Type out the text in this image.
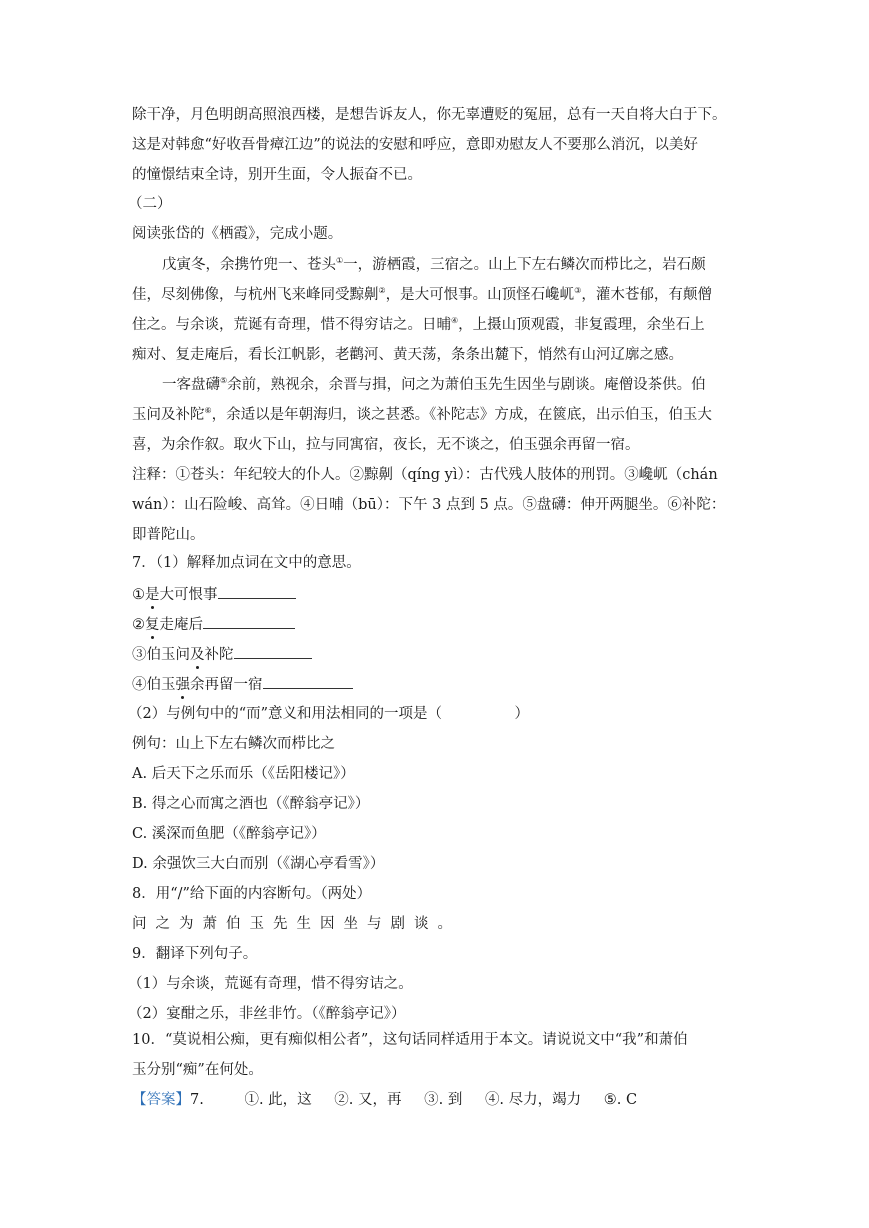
除干净，月色明朗高照浪西楼，是想告诉友人，你无辜遭贬的冤屈，总有一天自将大白于下。
这是对韩愈“好收吾骨瘴江边”的说法的安慰和呼应，意即劝慰友人不要那么消沉，以美好
的憧憬结束全诗，别开生面，令人振奋不已。
（二）
阅读张岱的《栖霞》，完成小题。
戊寅冬，余携竹兜一、苍头①一，游栖霞，三宿之。山上下左右鳞次而栉比之，岩石颇
佳，尽刻佛像，与杭州飞来峰同受黥劓②，是大可恨事。山顶怪石巉屼③，灌木苍郁，有颠僧
住之。与余谈，荒诞有奇理，惜不得穷诘之。日晡④，上摄山顶观霞，非复霞理，余坐石上
痴对、复走庵后，看长江帆影，老鹳河、黄天荡，条条出麓下，悄然有山河辽廓之感。
一客盘礴⑤余前，熟视余，余晋与揖，问之为萧伯玉先生因坐与剧谈。庵僧设茶供。伯
玉问及补陀⑥，余适以是年朝海归，谈之甚悉。《补陀志》方成，在篋底，出示伯玉，伯玉大
喜，为余作叙。取火下山，拉与同寓宿，夜长，无不谈之，伯玉强余再留一宿。
注释：①苍头：年纪较大的仆人。②黥劓（qíng yì）：古代残人肢体的刑罚。③巉屼（chán
wán）：山石险峻、高耸。④日晡（bū）：下午 3 点到 5 点。⑤盘礴：伸开两腿坐。⑥补陀：
即普陀山。
7．（1）解释加点词在文中的意思。
①是大可恨事
②复走庵后
③伯玉问及补陀
④伯玉强余再留一宿
（2）与例句中的“而”意义和用法相同的一项是（　　　　　）
例句：山上下左右鳞次而栉比之
A. 后天下之乐而乐（《岳阳楼记》）
B. 得之心而寓之酒也（《醉翁亭记》）
C. 溪深而鱼肥（《醉翁亭记》）
D. 余强饮三大白而别（《湖心亭看雪》）
8．用“/”给下面的内容断句。（两处）
问之为萧伯玉先生因坐与剧谈。
9．翻译下列句子。
（1）与余谈，荒诞有奇理，惜不得穷诘之。
（2）宴酣之乐，非丝非竹。（《醉翁亭记》）
10．“莫说相公痴，更有痴似相公者”，这句话同样适用于本文。请说说文中“我”和萧伯
玉分别“痴”在何处。
【答案】7.	①. 此，这 ②. 又，再 ③. 到 ④. 尽力，竭力 ⑤. C
